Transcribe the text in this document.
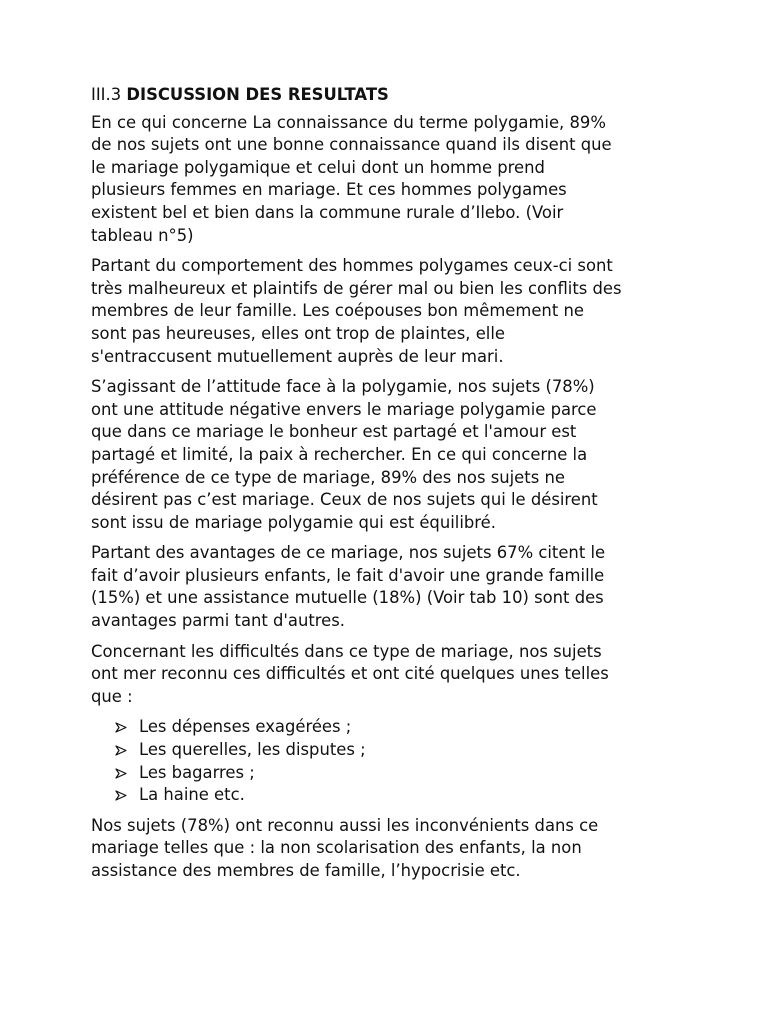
III.3 DISCUSSION DES RESULTATS

En ce qui concerne La connaissance du terme polygamie, 89%
de nos sujets ont une bonne connaissance quand ils disent que
le mariage polygamique et celui dont un homme prend
plusieurs femmes en mariage. Et ces hommes polygames
existent bel et bien dans la commune rurale d’Ilebo. (Voir
tableau n°5)

Partant du comportement des hommes polygames ceux-ci sont
très malheureux et plaintifs de gérer mal ou bien les conflits des
membres de leur famille. Les coépouses bon mêmement ne
sont pas heureuses, elles ont trop de plaintes, elle
s'entraccusent mutuellement auprès de leur mari.

S’agissant de l’attitude face à la polygamie, nos sujets (78%)
ont une attitude négative envers le mariage polygamie parce
que dans ce mariage le bonheur est partagé et l'amour est
partagé et limité, la paix à rechercher. En ce qui concerne la
préférence de ce type de mariage, 89% des nos sujets ne
désirent pas c’est mariage. Ceux de nos sujets qui le désirent
sont issu de mariage polygamie qui est équilibré.

Partant des avantages de ce mariage, nos sujets 67% citent le
fait d’avoir plusieurs enfants, le fait d'avoir une grande famille
(15%) et une assistance mutuelle (18%) (Voir tab 10) sont des
avantages parmi tant d'autres.

Concernant les difficultés dans ce type de mariage, nos sujets
ont mer reconnu ces difficultés et ont cité quelques unes telles
que :

Les dépenses exagérées ;
Les querelles, les disputes ;
Les bagarres ;
La haine etc.

Nos sujets (78%) ont reconnu aussi les inconvénients dans ce
mariage telles que : la non scolarisation des enfants, la non
assistance des membres de famille, l’hypocrisie etc.
